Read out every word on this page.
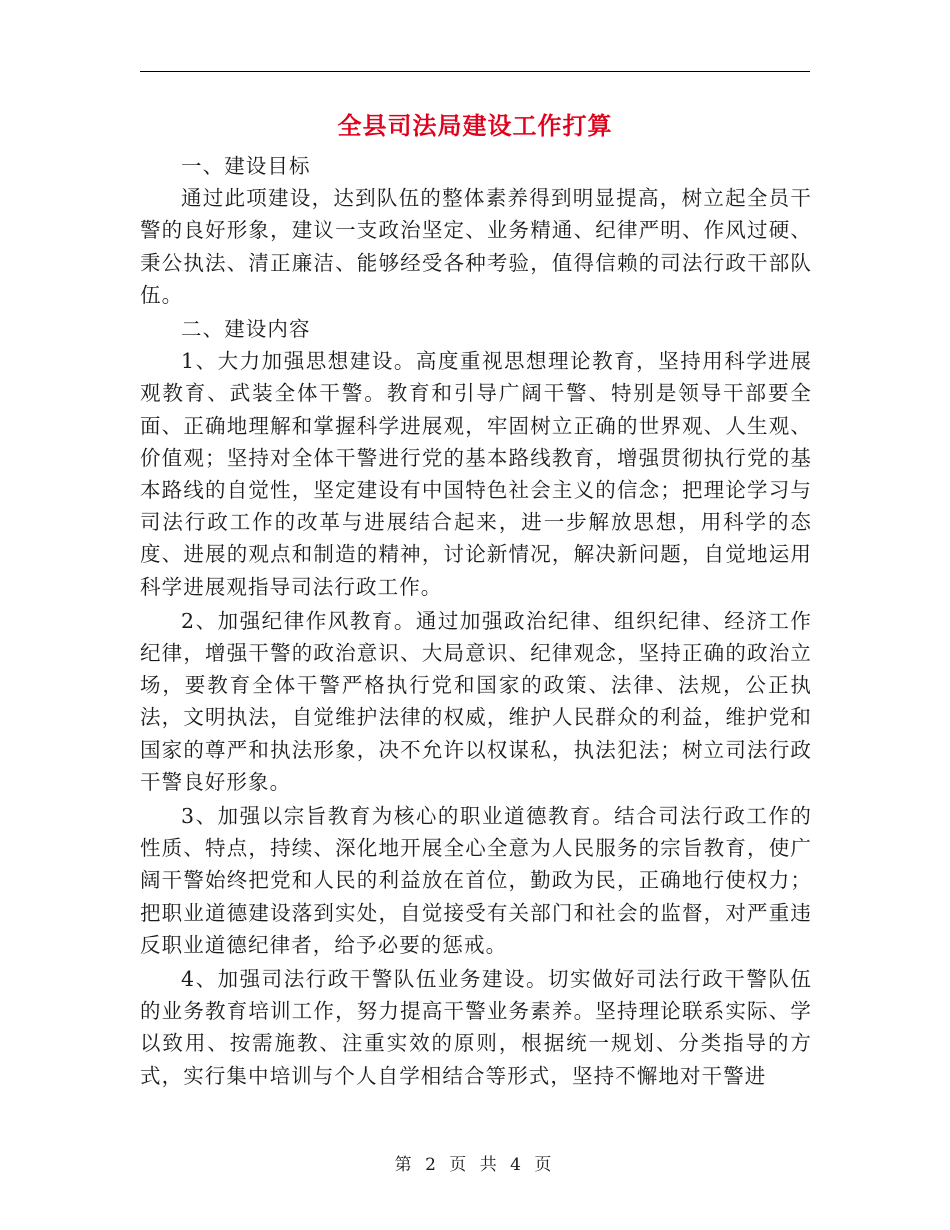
全县司法局建设工作打算

一、建设目标

通过此项建设，达到队伍的整体素养得到明显提高，树立起全员干警的良好形象，建议一支政治坚定、业务精通、纪律严明、作风过硬、秉公执法、清正廉洁、能够经受各种考验，值得信赖的司法行政干部队伍。

二、建设内容

1、大力加强思想建设。高度重视思想理论教育，坚持用科学进展观教育、武装全体干警。教育和引导广阔干警、特别是领导干部要全面、正确地理解和掌握科学进展观，牢固树立正确的世界观、人生观、价值观；坚持对全体干警进行党的基本路线教育，增强贯彻执行党的基本路线的自觉性，坚定建设有中国特色社会主义的信念；把理论学习与司法行政工作的改革与进展结合起来，进一步解放思想，用科学的态度、进展的观点和制造的精神，讨论新情况，解决新问题，自觉地运用科学进展观指导司法行政工作。

2、加强纪律作风教育。通过加强政治纪律、组织纪律、经济工作纪律，增强干警的政治意识、大局意识、纪律观念，坚持正确的政治立场，要教育全体干警严格执行党和国家的政策、法律、法规，公正执法，文明执法，自觉维护法律的权威，维护人民群众的利益，维护党和国家的尊严和执法形象，决不允许以权谋私，执法犯法；树立司法行政干警良好形象。

3、加强以宗旨教育为核心的职业道德教育。结合司法行政工作的性质、特点，持续、深化地开展全心全意为人民服务的宗旨教育，使广阔干警始终把党和人民的利益放在首位，勤政为民，正确地行使权力；把职业道德建设落到实处，自觉接受有关部门和社会的监督，对严重违反职业道德纪律者，给予必要的惩戒。

4、加强司法行政干警队伍业务建设。切实做好司法行政干警队伍的业务教育培训工作，努力提高干警业务素养。坚持理论联系实际、学以致用、按需施教、注重实效的原则，根据统一规划、分类指导的方式，实行集中培训与个人自学相结合等形式，坚持不懈地对干警进

第 2 页 共 4 页
